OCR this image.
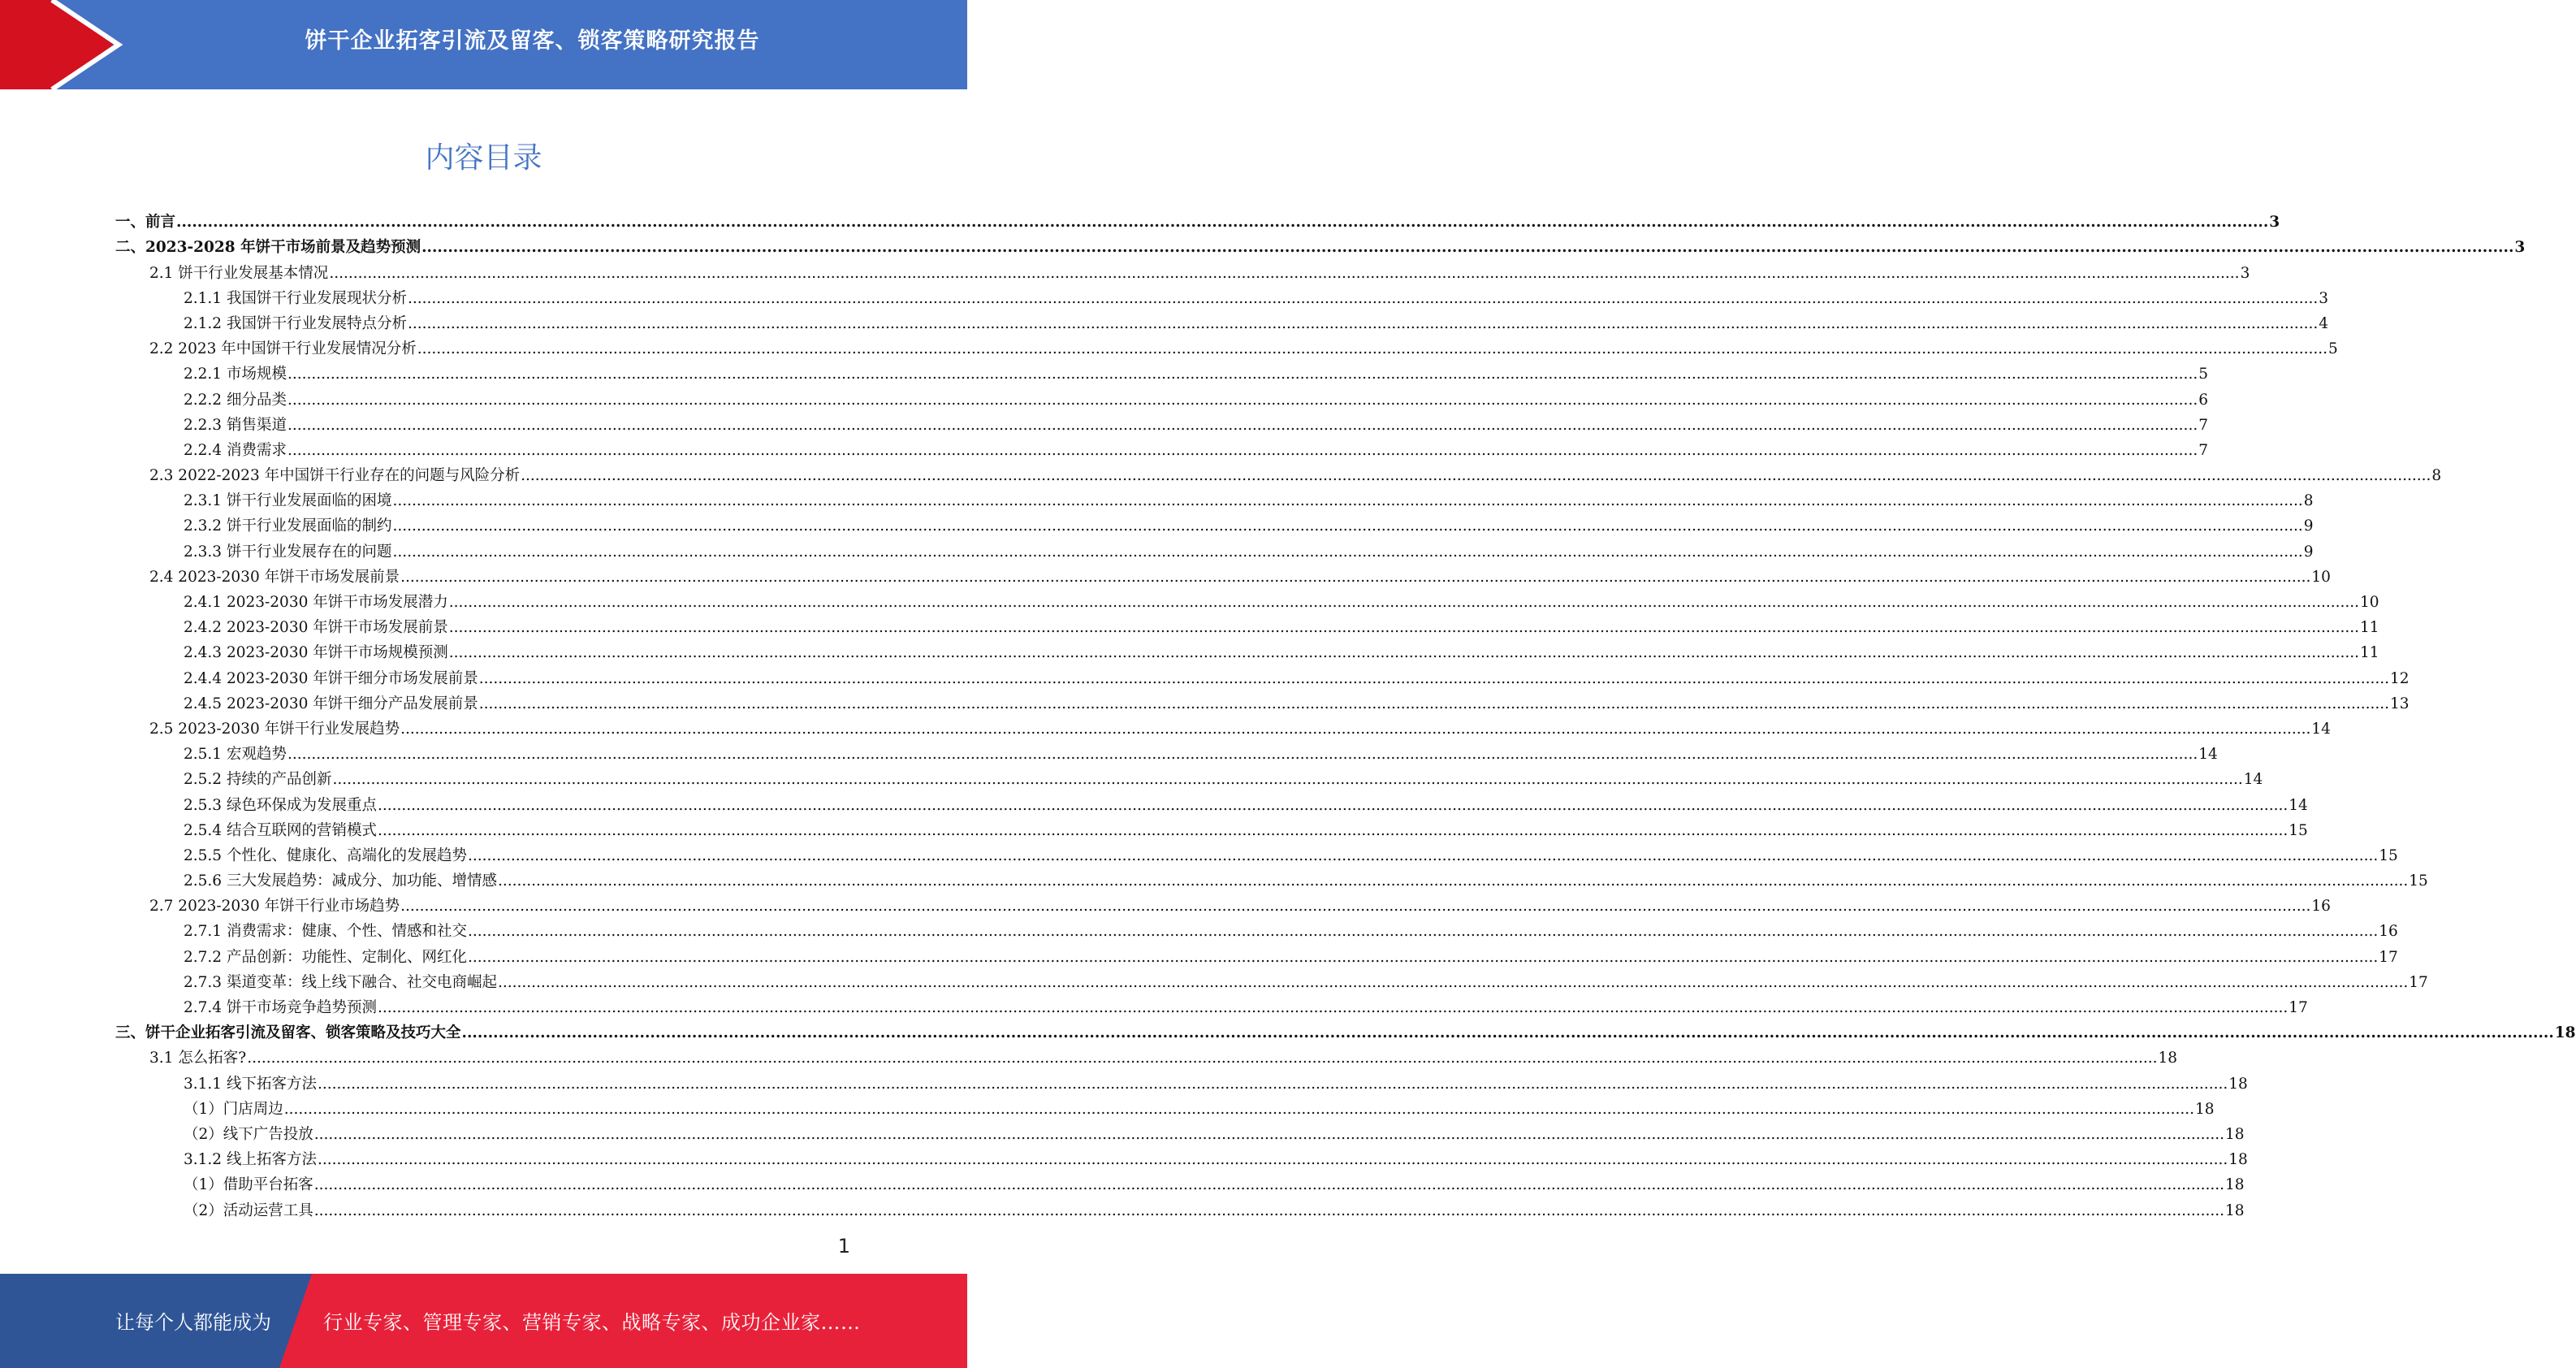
饼干企业拓客引流及留客、锁客策略研究报告
内容目录
一、前言 ................................................................................................................................................................................................................................................................................................................................................................................................................ 3
二、2023-2028 年饼干市场前景及趋势预测 ................................................................................................................................................................................................................................................................................................................................................................................................................ 3
2.1 饼干行业发展基本情况 ................................................................................................................................................................................................................................................................................................................................................................................................................ 3
2.1.1 我国饼干行业发展现状分析 ................................................................................................................................................................................................................................................................................................................................................................................................................ 3
2.1.2 我国饼干行业发展特点分析 ................................................................................................................................................................................................................................................................................................................................................................................................................ 4
2.2 2023 年中国饼干行业发展情况分析 ................................................................................................................................................................................................................................................................................................................................................................................................................ 5
2.2.1 市场规模 ................................................................................................................................................................................................................................................................................................................................................................................................................ 5
2.2.2 细分品类 ................................................................................................................................................................................................................................................................................................................................................................................................................ 6
2.2.3 销售渠道 ................................................................................................................................................................................................................................................................................................................................................................................................................ 7
2.2.4 消费需求 ................................................................................................................................................................................................................................................................................................................................................................................................................ 7
2.3 2022-2023 年中国饼干行业存在的问题与风险分析 ................................................................................................................................................................................................................................................................................................................................................................................................................ 8
2.3.1 饼干行业发展面临的困境 ................................................................................................................................................................................................................................................................................................................................................................................................................ 8
2.3.2 饼干行业发展面临的制约 ................................................................................................................................................................................................................................................................................................................................................................................................................ 9
2.3.3 饼干行业发展存在的问题 ................................................................................................................................................................................................................................................................................................................................................................................................................ 9
2.4 2023-2030 年饼干市场发展前景 ................................................................................................................................................................................................................................................................................................................................................................................................................ 10
2.4.1 2023-2030 年饼干市场发展潜力 ................................................................................................................................................................................................................................................................................................................................................................................................................ 10
2.4.2 2023-2030 年饼干市场发展前景 ................................................................................................................................................................................................................................................................................................................................................................................................................ 11
2.4.3 2023-2030 年饼干市场规模预测 ................................................................................................................................................................................................................................................................................................................................................................................................................ 11
2.4.4 2023-2030 年饼干细分市场发展前景 ................................................................................................................................................................................................................................................................................................................................................................................................................ 12
2.4.5 2023-2030 年饼干细分产品发展前景 ................................................................................................................................................................................................................................................................................................................................................................................................................ 13
2.5 2023-2030 年饼干行业发展趋势 ................................................................................................................................................................................................................................................................................................................................................................................................................ 14
2.5.1 宏观趋势 ................................................................................................................................................................................................................................................................................................................................................................................................................ 14
2.5.2 持续的产品创新 ................................................................................................................................................................................................................................................................................................................................................................................................................ 14
2.5.3 绿色环保成为发展重点 ................................................................................................................................................................................................................................................................................................................................................................................................................ 14
2.5.4 结合互联网的营销模式 ................................................................................................................................................................................................................................................................................................................................................................................................................ 15
2.5.5 个性化、健康化、高端化的发展趋势 ................................................................................................................................................................................................................................................................................................................................................................................................................ 15
2.5.6 三大发展趋势：减成分、加功能、增情感 ................................................................................................................................................................................................................................................................................................................................................................................................................ 15
2.7 2023-2030 年饼干行业市场趋势 ................................................................................................................................................................................................................................................................................................................................................................................................................ 16
2.7.1 消费需求：健康、个性、情感和社交 ................................................................................................................................................................................................................................................................................................................................................................................................................ 16
2.7.2 产品创新：功能性、定制化、网红化 ................................................................................................................................................................................................................................................................................................................................................................................................................ 17
2.7.3 渠道变革：线上线下融合、社交电商崛起 ................................................................................................................................................................................................................................................................................................................................................................................................................ 17
2.7.4 饼干市场竞争趋势预测 ................................................................................................................................................................................................................................................................................................................................................................................................................ 17
三、饼干企业拓客引流及留客、锁客策略及技巧大全 ................................................................................................................................................................................................................................................................................................................................................................................................................ 18
3.1 怎么拓客? ................................................................................................................................................................................................................................................................................................................................................................................................................ 18
3.1.1 线下拓客方法 ................................................................................................................................................................................................................................................................................................................................................................................................................ 18
（1）门店周边 ................................................................................................................................................................................................................................................................................................................................................................................................................ 18
（2）线下广告投放 ................................................................................................................................................................................................................................................................................................................................................................................................................ 18
3.1.2 线上拓客方法 ................................................................................................................................................................................................................................................................................................................................................................................................................ 18
（1）借助平台拓客 ................................................................................................................................................................................................................................................................................................................................................................................................................ 18
（2）活动运营工具 ................................................................................................................................................................................................................................................................................................................................................................................................................ 18
1

让每个人都能成为	行业专家、管理专家、营销专家、战略专家、成功企业家……
